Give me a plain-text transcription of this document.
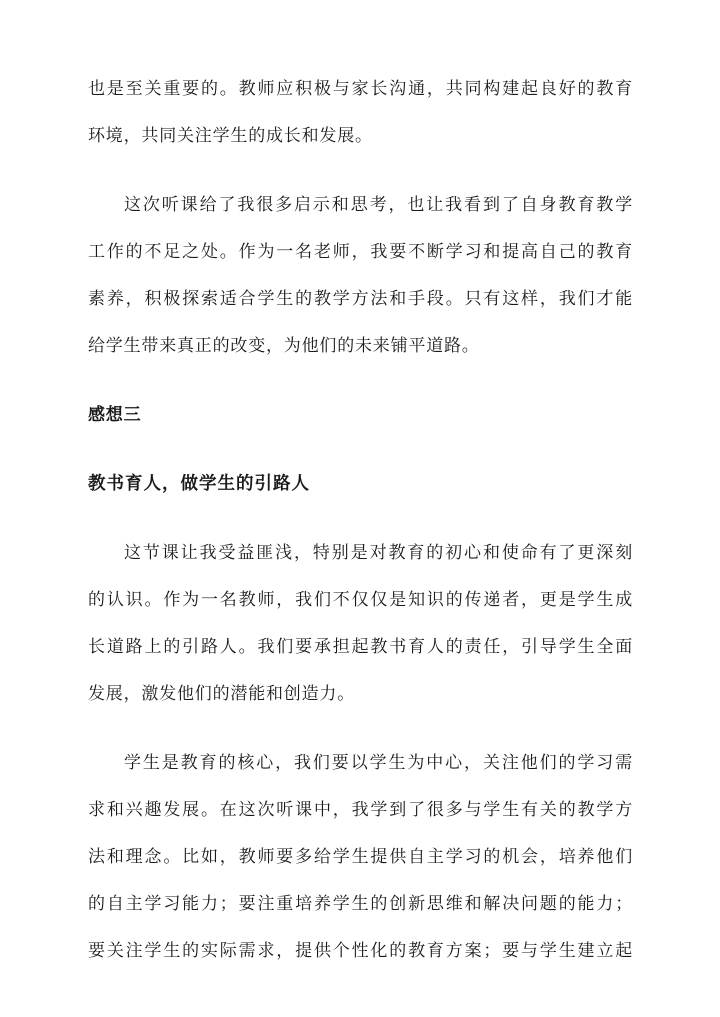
也是至关重要的。教师应积极与家长沟通，共同构建起良好的教育
环境，共同关注学生的成长和发展。
这次听课给了我很多启示和思考，也让我看到了自身教育教学
工作的不足之处。作为一名老师，我要不断学习和提高自己的教育
素养，积极探索适合学生的教学方法和手段。只有这样，我们才能
给学生带来真正的改变，为他们的未来铺平道路。
感想三
教书育人，做学生的引路人
这节课让我受益匪浅，特别是对教育的初心和使命有了更深刻
的认识。作为一名教师，我们不仅仅是知识的传递者，更是学生成
长道路上的引路人。我们要承担起教书育人的责任，引导学生全面
发展，激发他们的潜能和创造力。
学生是教育的核心，我们要以学生为中心，关注他们的学习需
求和兴趣发展。在这次听课中，我学到了很多与学生有关的教学方
法和理念。比如，教师要多给学生提供自主学习的机会，培养他们
的自主学习能力；要注重培养学生的创新思维和解决问题的能力；
要关注学生的实际需求，提供个性化的教育方案；要与学生建立起
